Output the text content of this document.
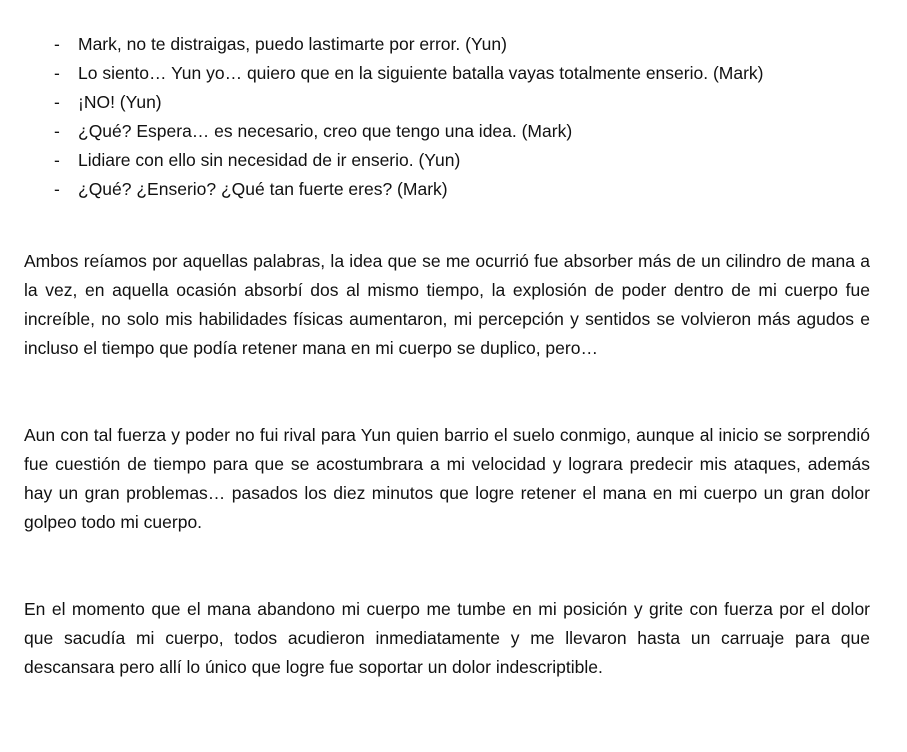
- Mark, no te distraigas, puedo lastimarte por error. (Yun)
- Lo siento… Yun yo… quiero que en la siguiente batalla vayas totalmente enserio. (Mark)
- ¡NO! (Yun)
- ¿Qué? Espera… es necesario, creo que tengo una idea. (Mark)
- Lidiare con ello sin necesidad de ir enserio. (Yun)
- ¿Qué? ¿Enserio? ¿Qué tan fuerte eres? (Mark)

Ambos reíamos por aquellas palabras, la idea que se me ocurrió fue absorber más de un cilindro de mana a la vez, en aquella ocasión absorbí dos al mismo tiempo, la explosión de poder dentro de mi cuerpo fue increíble, no solo mis habilidades físicas aumentaron, mi percepción y sentidos se volvieron más agudos e incluso el tiempo que podía retener mana en mi cuerpo se duplico, pero…

Aun con tal fuerza y poder no fui rival para Yun quien barrio el suelo conmigo, aunque al inicio se sorprendió fue cuestión de tiempo para que se acostumbrara a mi velocidad y lograra predecir mis ataques, además hay un gran problemas… pasados los diez minutos que logre retener el mana en mi cuerpo un gran dolor golpeo todo mi cuerpo.

En el momento que el mana abandono mi cuerpo me tumbe en mi posición y grite con fuerza por el dolor que sacudía mi cuerpo, todos acudieron inmediatamente y me llevaron hasta un carruaje para que descansara pero allí lo único que logre fue soportar un dolor indescriptible.
